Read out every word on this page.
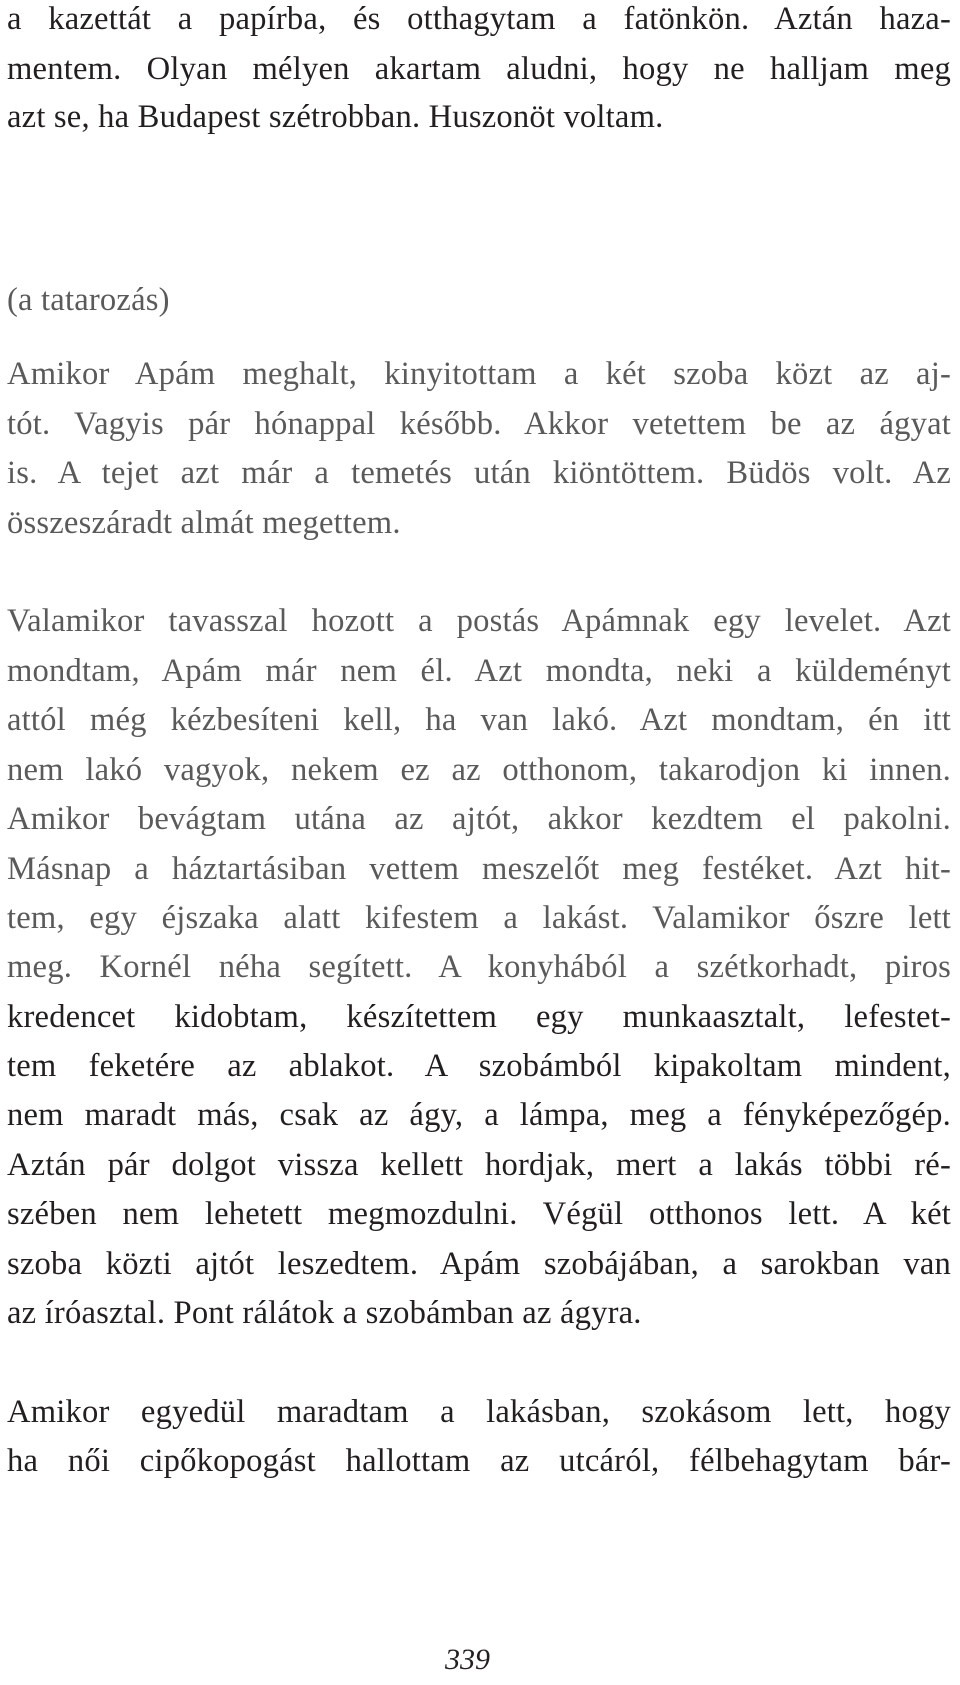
a kazettát a papírba, és otthagytam a fatönkön. Aztán haza-
mentem. Olyan mélyen akartam aludni, hogy ne halljam meg
azt se, ha Budapest szétrobban. Huszonöt voltam.
(a tatarozás)
Amikor Apám meghalt, kinyitottam a két szoba közt az aj-
tót. Vagyis pár hónappal később. Akkor vetettem be az ágyat
is. A tejet azt már a temetés után kiöntöttem. Büdös volt. Az
összeszáradt almát megettem.
Valamikor tavasszal hozott a postás Apámnak egy levelet. Azt
mondtam, Apám már nem él. Azt mondta, neki a küldeményt
attól még kézbesíteni kell, ha van lakó. Azt mondtam, én itt
nem lakó vagyok, nekem ez az otthonom, takarodjon ki innen.
Amikor bevágtam utána az ajtót, akkor kezdtem el pakolni.
Másnap a háztartásiban vettem meszelőt meg festéket. Azt hit-
tem, egy éjszaka alatt kifestem a lakást. Valamikor őszre lett
meg. Kornél néha segített. A konyhából a szétkorhadt, piros
kredencet kidobtam, készítettem egy munkaasztalt, lefestet-
tem feketére az ablakot. A szobámból kipakoltam mindent,
nem maradt más, csak az ágy, a lámpa, meg a fényképezőgép.
Aztán pár dolgot vissza kellett hordjak, mert a lakás többi ré-
szében nem lehetett megmozdulni. Végül otthonos lett. A két
szoba közti ajtót leszedtem. Apám szobájában, a sarokban van
az íróasztal. Pont rálátok a szobámban az ágyra.
Amikor egyedül maradtam a lakásban, szokásom lett, hogy
ha női cipőkopogást hallottam az utcáról, félbehagytam bár-
339
